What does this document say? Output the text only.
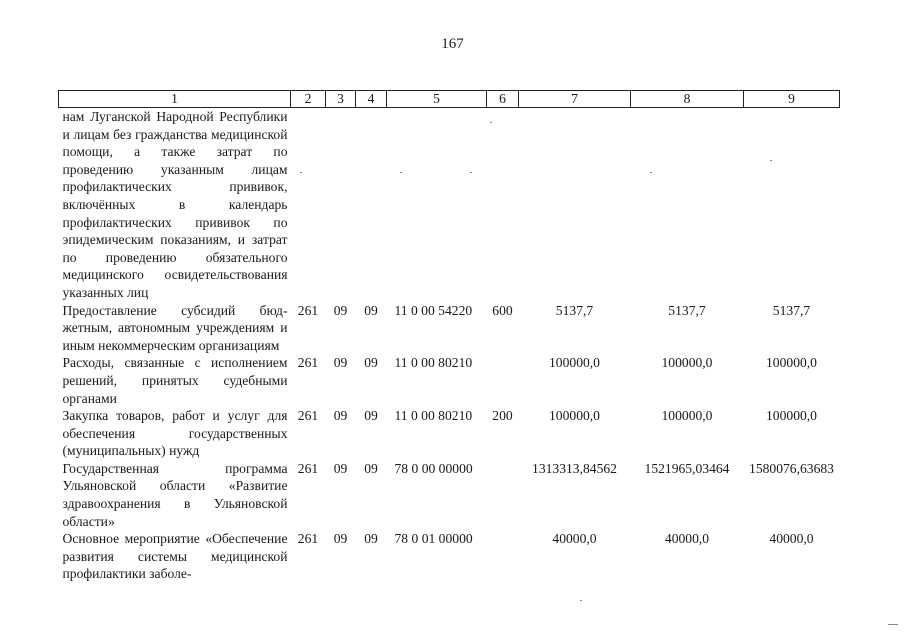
167
1	2	3	4	5	6	7	8	9
нам Луганской Народной Республики и лицам без гражданства медицинской помощи, а также затрат по проведению указанным лицам профилактических прививок, включённых в календарь профилактических прививок по эпидемическим показаниям, и затрат по проведению обязательного медицинского освидетельствования указанных лиц								
Предоставление субсидий бюджетным, автономным учреждениям и иным некоммерческим организациям	261	09	09	11 0 00 54220	600	5137,7	5137,7	5137,7
Расходы, связанные с исполнением решений, принятых судебными органами	261	09	09	11 0 00 80210		100000,0	100000,0	100000,0
Закупка товаров, работ и услуг для обеспечения государственных (муниципальных) нужд	261	09	09	11 0 00 80210	200	100000,0	100000,0	100000,0
Государственная программа Ульяновской области «Развитие здравоохранения в Ульяновской области»	261	09	09	78 0 00 00000		1313313,84562	1521965,03464	1580076,63683
Основное мероприятие «Обеспечение развития системы медицинской профилактики заболе-	261	09	09	78 0 01 00000		40000,0	40000,0	40000,0
